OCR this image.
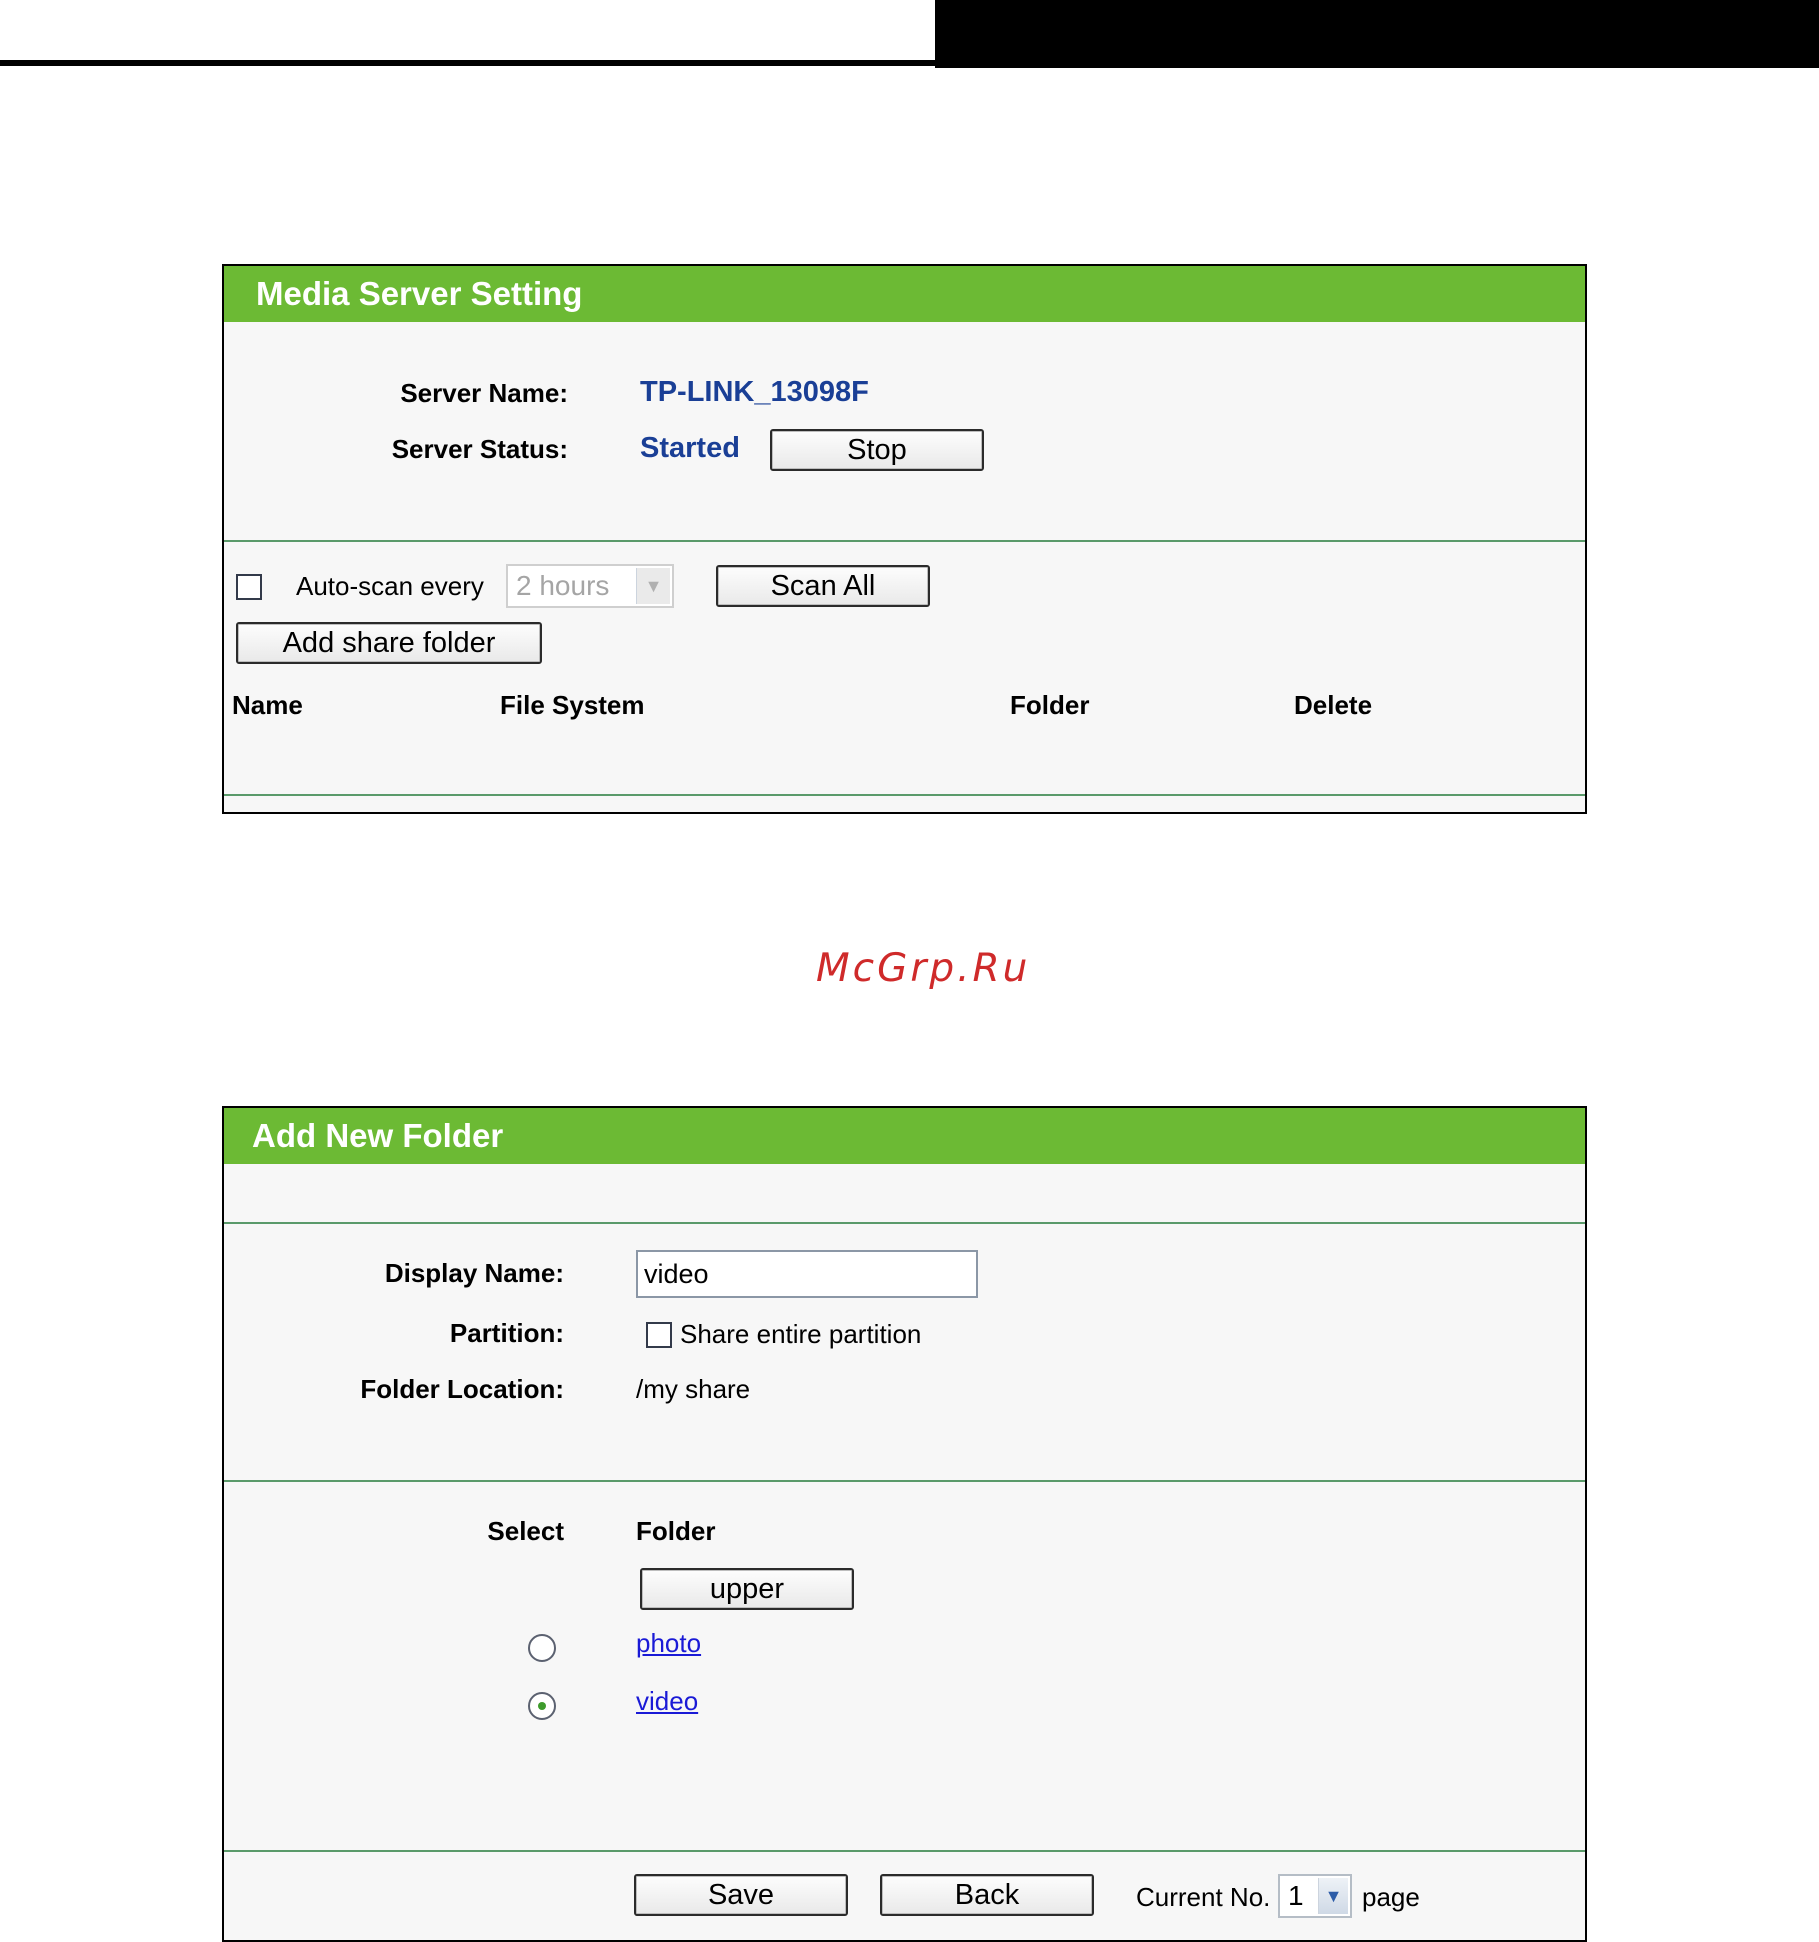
Media Server Setting
Server Name: TP-LINK_13098F
Server Status: Started	Stop
Auto-scan every	2 hours	▼	Scan All
Add share folder
Name	File System	Folder	Delete
McGrp.Ru
Add New Folder
Display Name:	video
Partition:	Share entire partition
Folder Location:	/my share
Select	Folder
upper
photo
video
Save	Back	Current No. 1	▼ page
